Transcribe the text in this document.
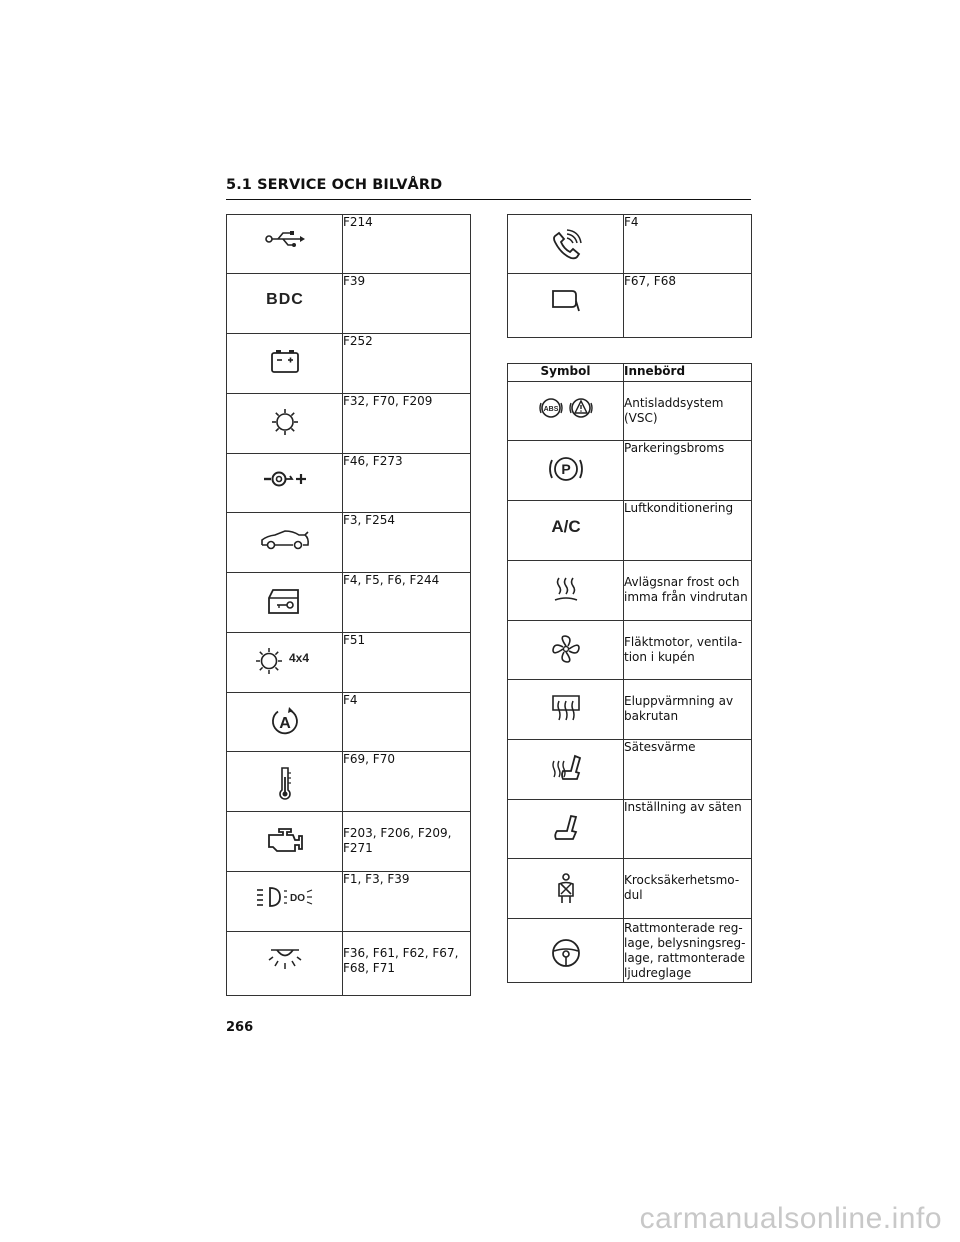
5.1 SERVICE OCH BILVÅRD
	F214

BDC	F39
	F252
	F32, F70, F209
	F46, F273
	F3, F254
	F4, F5, F6, F244

4x4	F51

A	F4
	F69, F70
	F203, F206, F209, F271

DO	F1, F3, F39
	F36, F61, F62, F67, F68, F71
	F4
	F67, F68
Symbol	Innebörd

ABS	Antisladdsystem (VSC)

P	Parkeringsbroms

A/C	Luftkonditionering
	Avlägsnar frost och imma från vindrutan
	Fläktmotor, ventila-tion i kupén
	Eluppvärmning av bakrutan
	Sätesvärme
	Inställning av säten
	Krocksäkerhetsmo-dul
	Rattmonterade reg-lage, belysningsreg-lage, rattmonterade ljudreglage
266
carmanualsonline.info
